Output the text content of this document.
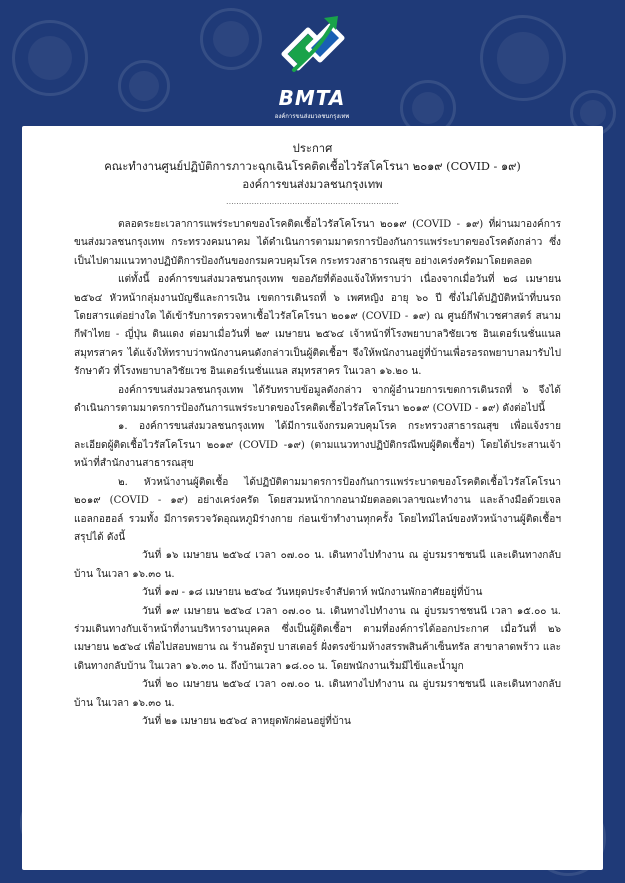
BMTA
องค์การขนส่งมวลชนกรุงเทพ
ประกาศ
คณะทำงานศูนย์ปฏิบัติการภาวะฉุกเฉินโรคติดเชื้อไวรัสโคโรนา ๒๐๑๙ (COVID - ๑๙)
องค์การขนส่งมวลชนกรุงเทพ
....................................................................

ตลอดระยะเวลาการแพร่ระบาดของโรคติดเชื้อไวรัสโคโรนา ๒๐๑๙ (COVID - ๑๙) ที่ผ่านมาองค์การขนส่งมวลชนกรุงเทพ กระทรวงคมนาคม ได้ดำเนินการตามมาตรการป้องกันการแพร่ระบาดของโรคดังกล่าว ซึ่งเป็นไปตามแนวทางปฏิบัติการป้องกันของกรมควบคุมโรค กระทรวงสาธารณสุข อย่างเคร่งครัดมาโดยตลอด

แต่ทั้งนี้ องค์การขนส่งมวลชนกรุงเทพ ขออภัยที่ต้องแจ้งให้ทราบว่า เนื่องจากเมื่อวันที่ ๒๘ เมษายน ๒๕๖๔ หัวหน้ากลุ่มงานบัญชีและการเงิน เขตการเดินรถที่ ๖ เพศหญิง อายุ ๖๐ ปี ซึ่งไม่ได้ปฏิบัติหน้าที่บนรถโดยสารแต่อย่างใด ได้เข้ารับการตรวจหาเชื้อไวรัสโคโรนา ๒๐๑๙ (COVID - ๑๙) ณ ศูนย์กีฬาเวชศาสตร์ สนามกีฬาไทย - ญี่ปุ่น ดินแดง ต่อมาเมื่อวันที่ ๒๙ เมษายน ๒๕๖๔ เจ้าหน้าที่โรงพยาบาลวิชัยเวช อินเตอร์เนชั่นแนล สมุทรสาคร ได้แจ้งให้ทราบว่าพนักงานคนดังกล่าวเป็นผู้ติดเชื้อฯ จึงให้พนักงานอยู่ที่บ้านเพื่อรอรถพยาบาลมารับไปรักษาตัว ที่โรงพยาบาลวิชัยเวช อินเตอร์เนชั่นแนล สมุทรสาคร ในเวลา ๑๖.๒๐ น.

องค์การขนส่งมวลชนกรุงเทพ ได้รับทราบข้อมูลดังกล่าว จากผู้อำนวยการเขตการเดินรถที่ ๖ จึงได้ดำเนินการตามมาตรการป้องกันการแพร่ระบาดของโรคติดเชื้อไวรัสโคโรนา ๒๐๑๙ (COVID - ๑๙) ดังต่อไปนี้

๑. องค์การขนส่งมวลชนกรุงเทพ ได้มีการแจ้งกรมควบคุมโรค กระทรวงสาธารณสุข เพื่อแจ้งรายละเอียดผู้ติดเชื้อไวรัสโคโรนา ๒๐๑๙ (COVID -๑๙) (ตามแนวทางปฏิบัติกรณีพบผู้ติดเชื้อฯ) โดยได้ประสานเจ้าหน้าที่สำนักงานสาธารณสุข

๒. หัวหน้างานผู้ติดเชื้อ ได้ปฏิบัติตามมาตรการป้องกันการแพร่ระบาดของโรคติดเชื้อไวรัสโคโรนา ๒๐๑๙ (COVID - ๑๙) อย่างเคร่งครัด โดยสวมหน้ากากอนามัยตลอดเวลาขณะทำงาน และล้างมือด้วยเจลแอลกอฮอล์ รวมทั้ง มีการตรวจวัดอุณหภูมิร่างกาย ก่อนเข้าทำงานทุกครั้ง โดยไทม์ไลน์ของหัวหน้างานผู้ติดเชื้อฯ สรุปได้ ดังนี้

วันที่ ๑๖ เมษายน ๒๕๖๔ เวลา ๐๗.๐๐ น. เดินทางไปทำงาน ณ อู่บรมราชชนนี และเดินทางกลับบ้าน ในเวลา ๑๖.๓๐ น.

วันที่ ๑๗ - ๑๘ เมษายน ๒๕๖๔ วันหยุดประจำสัปดาห์ พนักงานพักอาศัยอยู่ที่บ้าน

วันที่ ๑๙ เมษายน ๒๕๖๔ เวลา ๐๗.๐๐ น. เดินทางไปทำงาน ณ อู่บรมราชชนนี เวลา ๑๕.๐๐ น. ร่วมเดินทางกับเจ้าหน้าที่งานบริหารงานบุคคล ซึ่งเป็นผู้ติดเชื้อฯ ตามที่องค์การได้ออกประกาศ เมื่อวันที่ ๒๖ เมษายน ๒๕๖๔ เพื่อไปสอบพยาน ณ ร้านอัดรูป บาสเตอร์ ฝั่งตรงข้ามห้างสรรพสินค้าเซ็นทรัล สาขาลาดพร้าว และเดินทางกลับบ้าน ในเวลา ๑๖.๓๐ น. ถึงบ้านเวลา ๑๘.๐๐ น. โดยพนักงานเริ่มมีไข้และน้ำมูก

วันที่ ๒๐ เมษายน ๒๕๖๔ เวลา ๐๗.๐๐ น. เดินทางไปทำงาน ณ อู่บรมราชชนนี และเดินทางกลับบ้าน ในเวลา ๑๖.๓๐ น.

วันที่ ๒๑ เมษายน ๒๕๖๔ ลาหยุดพักผ่อนอยู่ที่บ้าน
